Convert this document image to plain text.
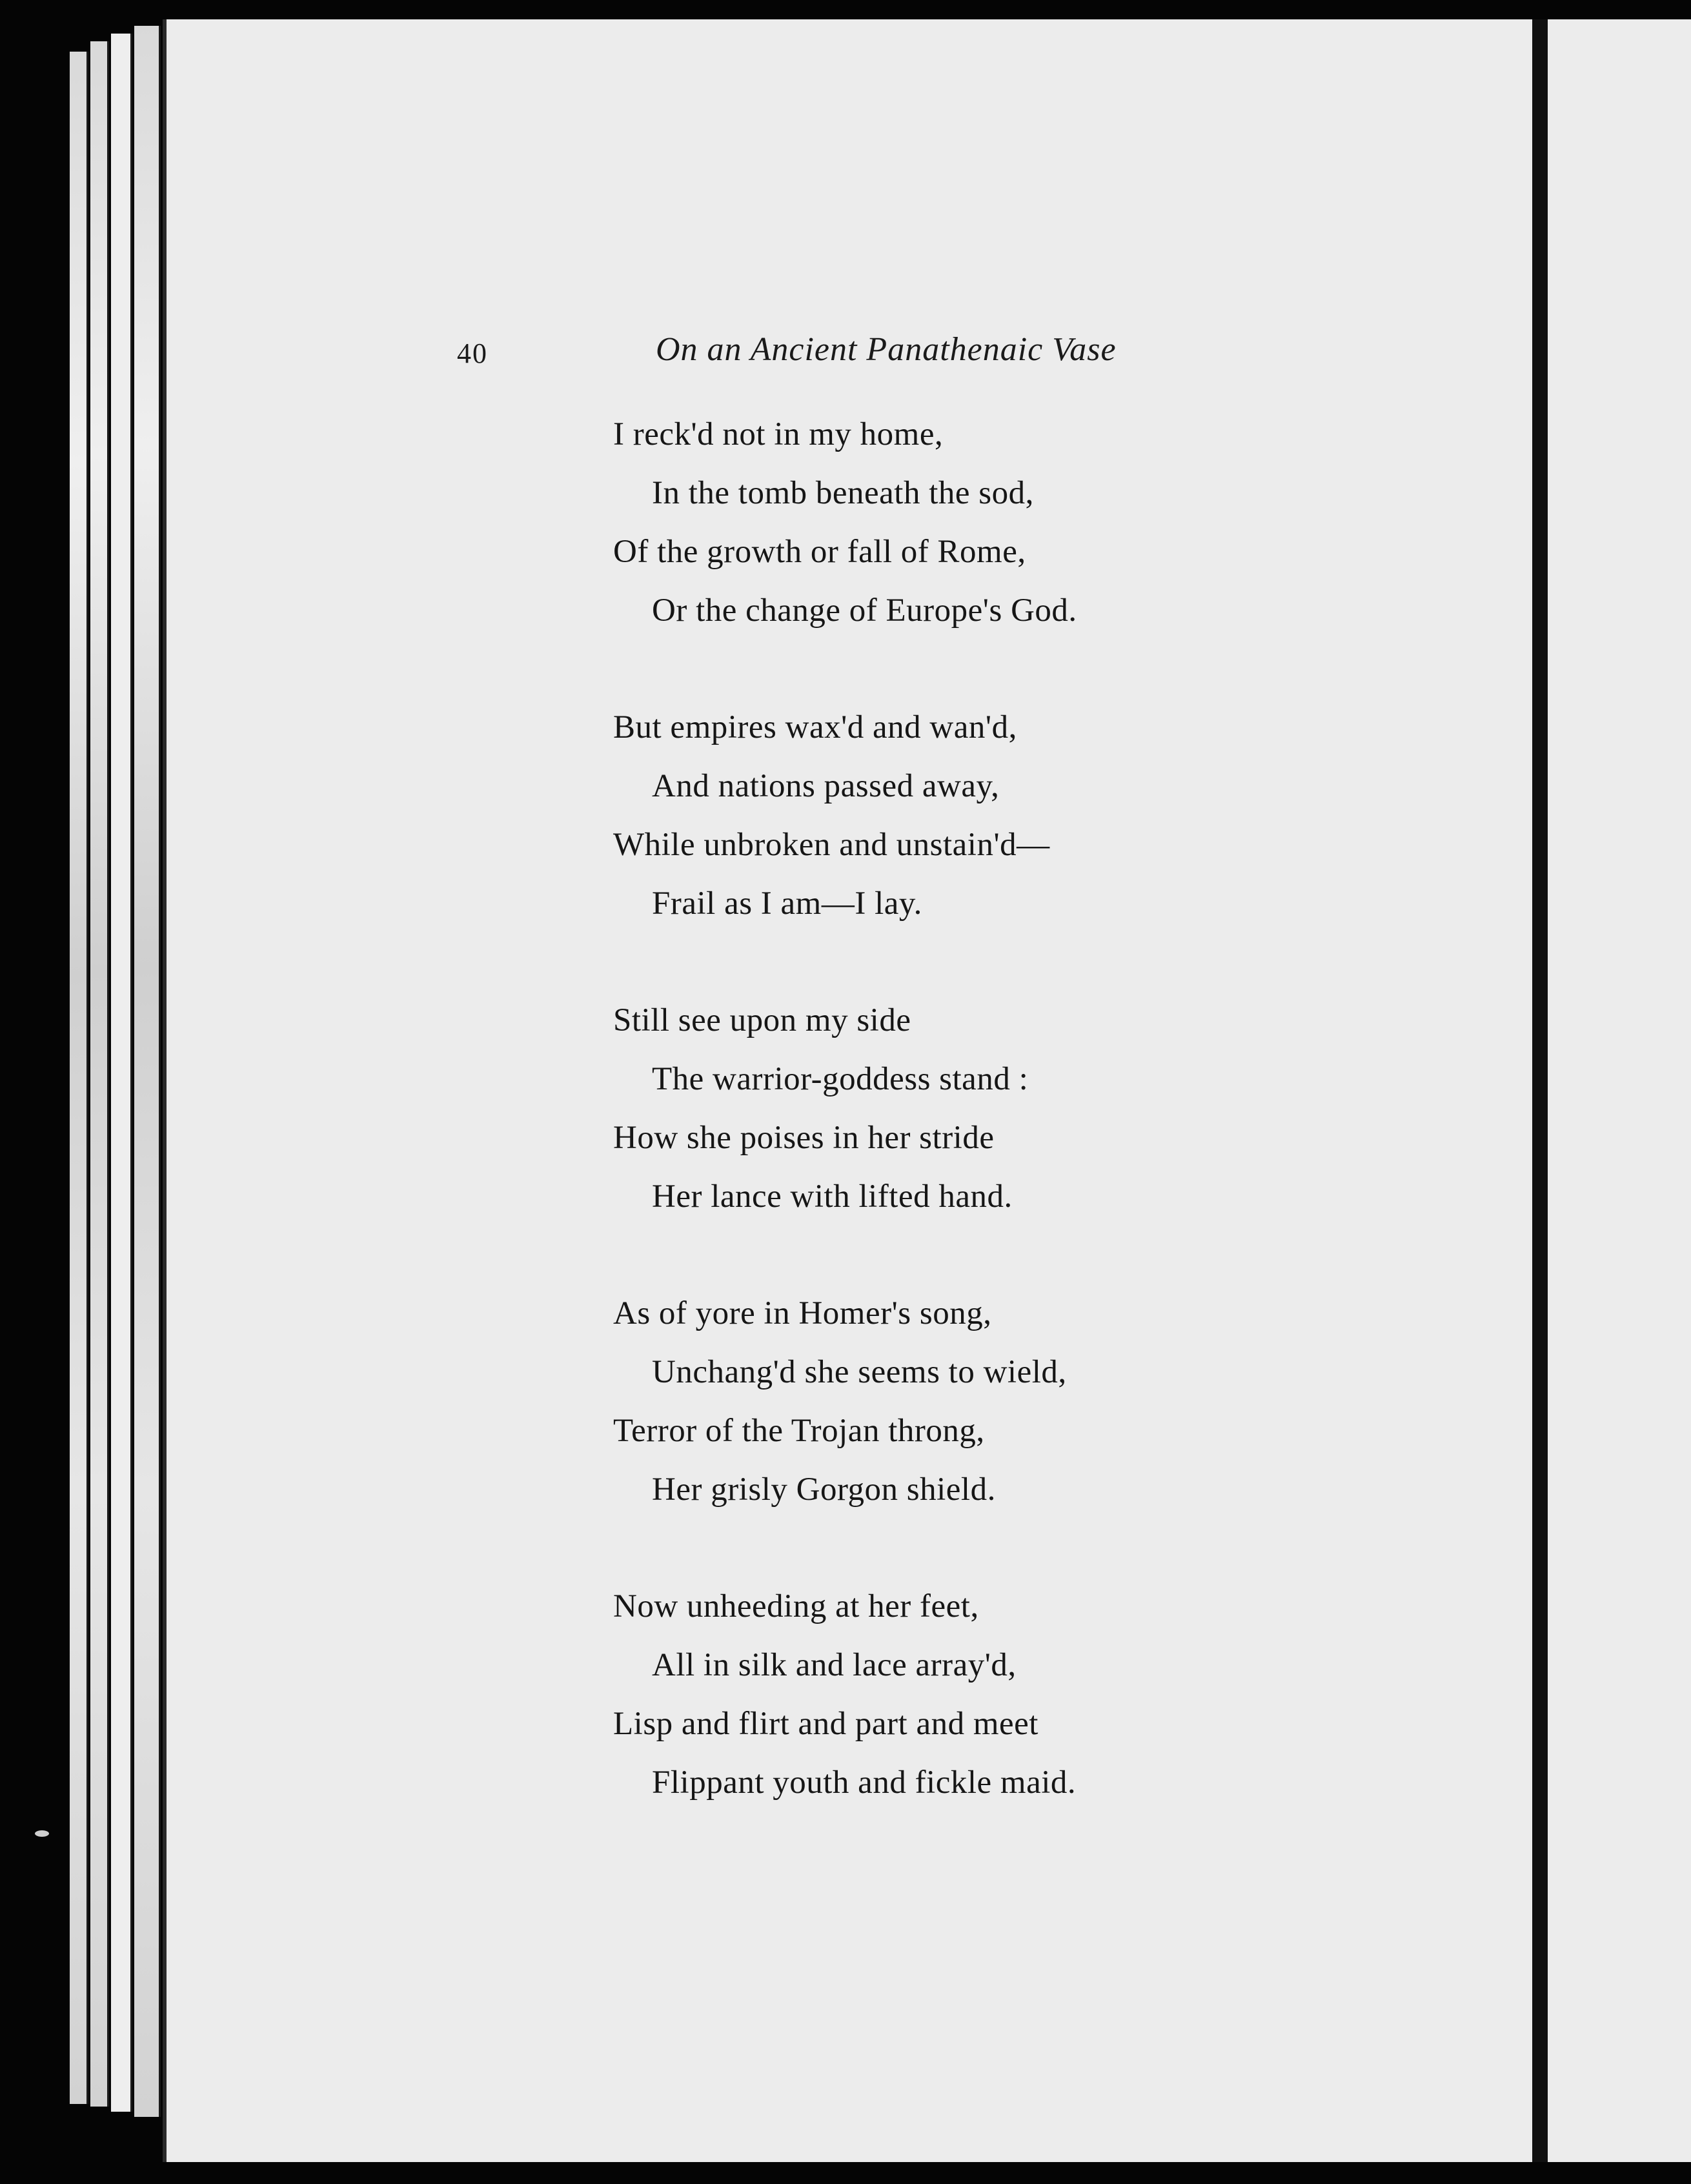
40	On an Ancient Panathenaic Vase
I reck'd not in my home,
In the tomb beneath the sod,
Of the growth or fall of Rome,
Or the change of Europe's God.
But empires wax'd and wan'd,
And nations passed away,
While unbroken and unstain'd—
Frail as I am—I lay.
Still see upon my side
The warrior-goddess stand :
How she poises in her stride
Her lance with lifted hand.
As of yore in Homer's song,
Unchang'd she seems to wield,
Terror of the Trojan throng,
Her grisly Gorgon shield.
Now unheeding at her feet,
All in silk and lace array'd,
Lisp and flirt and part and meet
Flippant youth and fickle maid.
